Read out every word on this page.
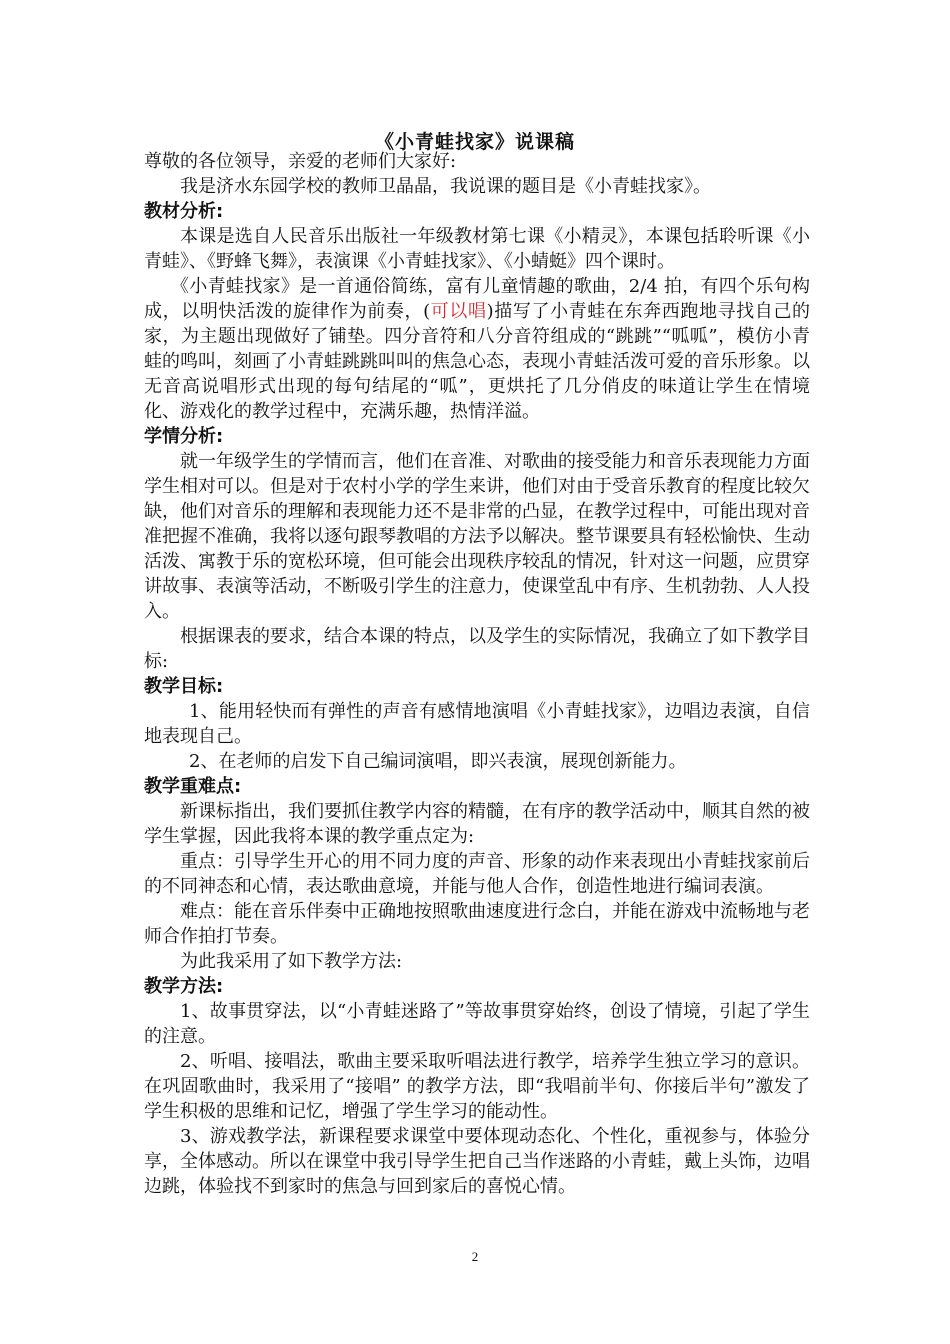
《小青蛙找家》说课稿

尊敬的各位领导，亲爱的老师们大家好:

我是济水东园学校的教师卫晶晶，我说课的题目是《小青蛙找家》。

教材分析:

本课是选自人民音乐出版社一年级教材第七课《小精灵》，本课包括聆听课《小青蛙》、《野蜂飞舞》，表演课《小青蛙找家》、《小蜻蜓》四个课时。

《小青蛙找家》是一首通俗简练，富有儿童情趣的歌曲，2/4 拍，有四个乐句构成，以明快活泼的旋律作为前奏，(可以唱)描写了小青蛙在东奔西跑地寻找自己的家，为主题出现做好了铺垫。四分音符和八分音符组成的“跳跳”“呱呱”，模仿小青蛙的鸣叫，刻画了小青蛙跳跳叫叫的焦急心态，表现小青蛙活泼可爱的音乐形象。以无音高说唱形式出现的每句结尾的“呱”，更烘托了几分俏皮的味道让学生在情境化、游戏化的教学过程中，充满乐趣，热情洋溢。

学情分析:

就一年级学生的学情而言，他们在音准、对歌曲的接受能力和音乐表现能力方面学生相对可以。但是对于农村小学的学生来讲，他们对由于受音乐教育的程度比较欠缺，他们对音乐的理解和表现能力还不是非常的凸显，在教学过程中，可能出现对音准把握不准确，我将以逐句跟琴教唱的方法予以解决。整节课要具有轻松愉快、生动活泼、寓教于乐的宽松环境，但可能会出现秩序较乱的情况，针对这一问题，应贯穿讲故事、表演等活动，不断吸引学生的注意力，使课堂乱中有序、生机勃勃、人人投入。

根据课表的要求，结合本课的特点，以及学生的实际情况，我确立了如下教学目标:

教学目标:

1、能用轻快而有弹性的声音有感情地演唱《小青蛙找家》，边唱边表演，自信地表现自己。

2、在老师的启发下自己编词演唱，即兴表演，展现创新能力。

教学重难点:

新课标指出，我们要抓住教学内容的精髓，在有序的教学活动中，顺其自然的被学生掌握，因此我将本课的教学重点定为:

重点：引导学生开心的用不同力度的声音、形象的动作来表现出小青蛙找家前后的不同神态和心情，表达歌曲意境，并能与他人合作，创造性地进行编词表演。

难点：能在音乐伴奏中正确地按照歌曲速度进行念白，并能在游戏中流畅地与老师合作拍打节奏。

为此我采用了如下教学方法:

教学方法:

1、故事贯穿法，以“小青蛙迷路了”等故事贯穿始终，创设了情境，引起了学生的注意。

2、听唱、接唱法，歌曲主要采取听唱法进行教学，培养学生独立学习的意识。在巩固歌曲时，我采用了“接唱” 的教学方法，即“我唱前半句、你接后半句”激发了学生积极的思维和记忆，增强了学生学习的能动性。

3、游戏教学法，新课程要求课堂中要体现动态化、个性化，重视参与，体验分享，全体感动。所以在课堂中我引导学生把自己当作迷路的小青蛙，戴上头饰，边唱边跳，体验找不到家时的焦急与回到家后的喜悦心情。

2
